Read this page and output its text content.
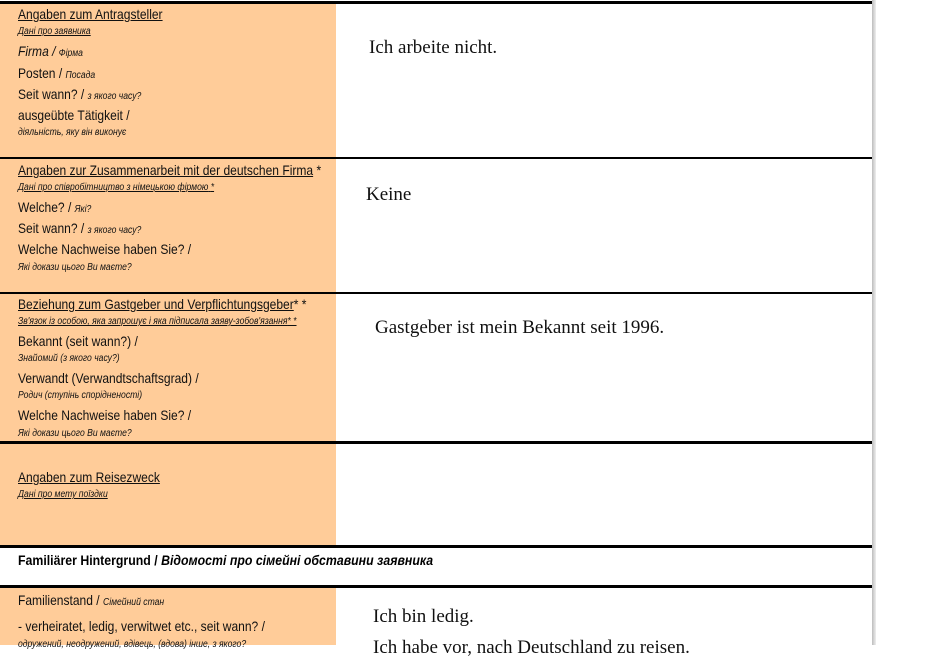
Angaben zum Antragsteller

Дані про заявника

Firma / Фірма

Posten / Посада

Seit wann? / з якого часу?

ausgeübte Tätigkeit /

діяльність, яку він виконує

Ich arbeite nicht.

Angaben zur Zusammenarbeit mit der deutschen Firma *

Дані про співробітництво з німецькою фірмою *

Welche? / Які?

Seit wann? / з якого часу?

Welche Nachweise haben Sie? /

Які докази цього Ви маєте?

Keine

Beziehung zum Gastgeber und Verpflichtungsgeber* *

Зв'язок із особою, яка запрошує і яка підписала заяву-зобов'язання* *

Bekannt (seit wann?) /

Знайомий (з якого часу?)

Verwandt (Verwandtschaftsgrad) /

Родич (ступінь спорідненості)

Welche Nachweise haben Sie? /

Які докази цього Ви маєте?

Gastgeber ist mein Bekannt seit 1996.

Angaben zum Reisezweck

Дані про мету поїздки

Familiärer Hintergrund / Відомості про сімейні обставини заявника

Familienstand / Сімейний стан

- verheiratet, ledig, verwitwet etc., seit wann? /

одружений, неодружений, вдівець, (вдова) інше, з якого?

Ich bin ledig.

Ich habe vor, nach Deutschland zu reisen.
